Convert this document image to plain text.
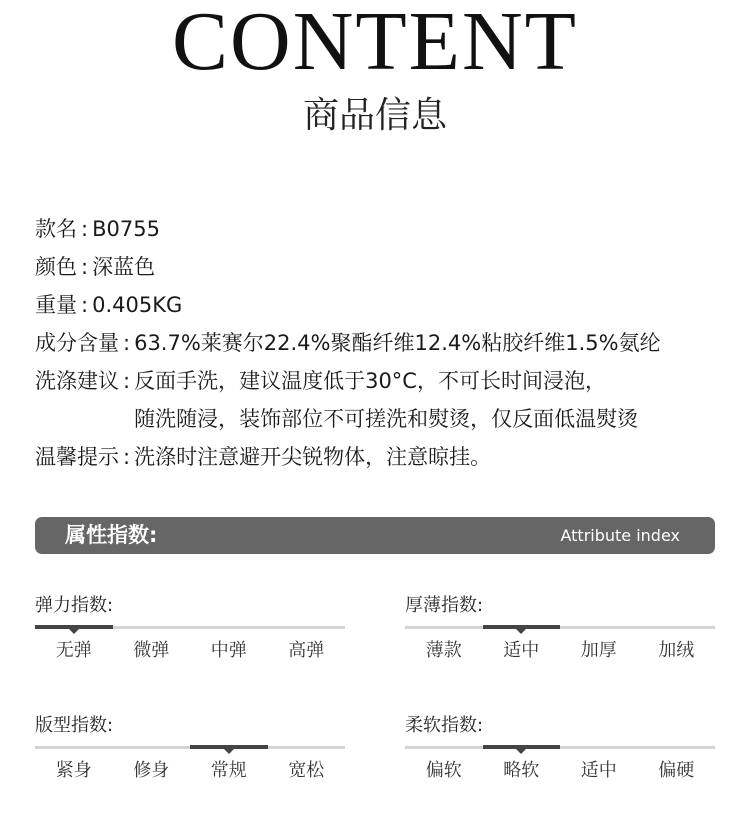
CONTENT
商品信息
款名 : B0755
颜色 : 深蓝色
重量 : 0.405KG
成分含量 : 63.7%莱赛尔22.4%聚酯纤维12.4%粘胶纤维1.5%氨纶
洗涤建议 : 反面手洗，建议温度低于30°C，不可长时间浸泡，
随洗随浸，装饰部位不可搓洗和熨烫，仅反面低温熨烫
温馨提示 : 洗涤时注意避开尖锐物体，注意晾挂。
属性指数:	Attribute index
弹力指数:
无弹	微弹	中弹	高弹
厚薄指数:
薄款	适中	加厚	加绒
版型指数:
紧身	修身	常规	宽松
柔软指数:
偏软	略软	适中	偏硬
